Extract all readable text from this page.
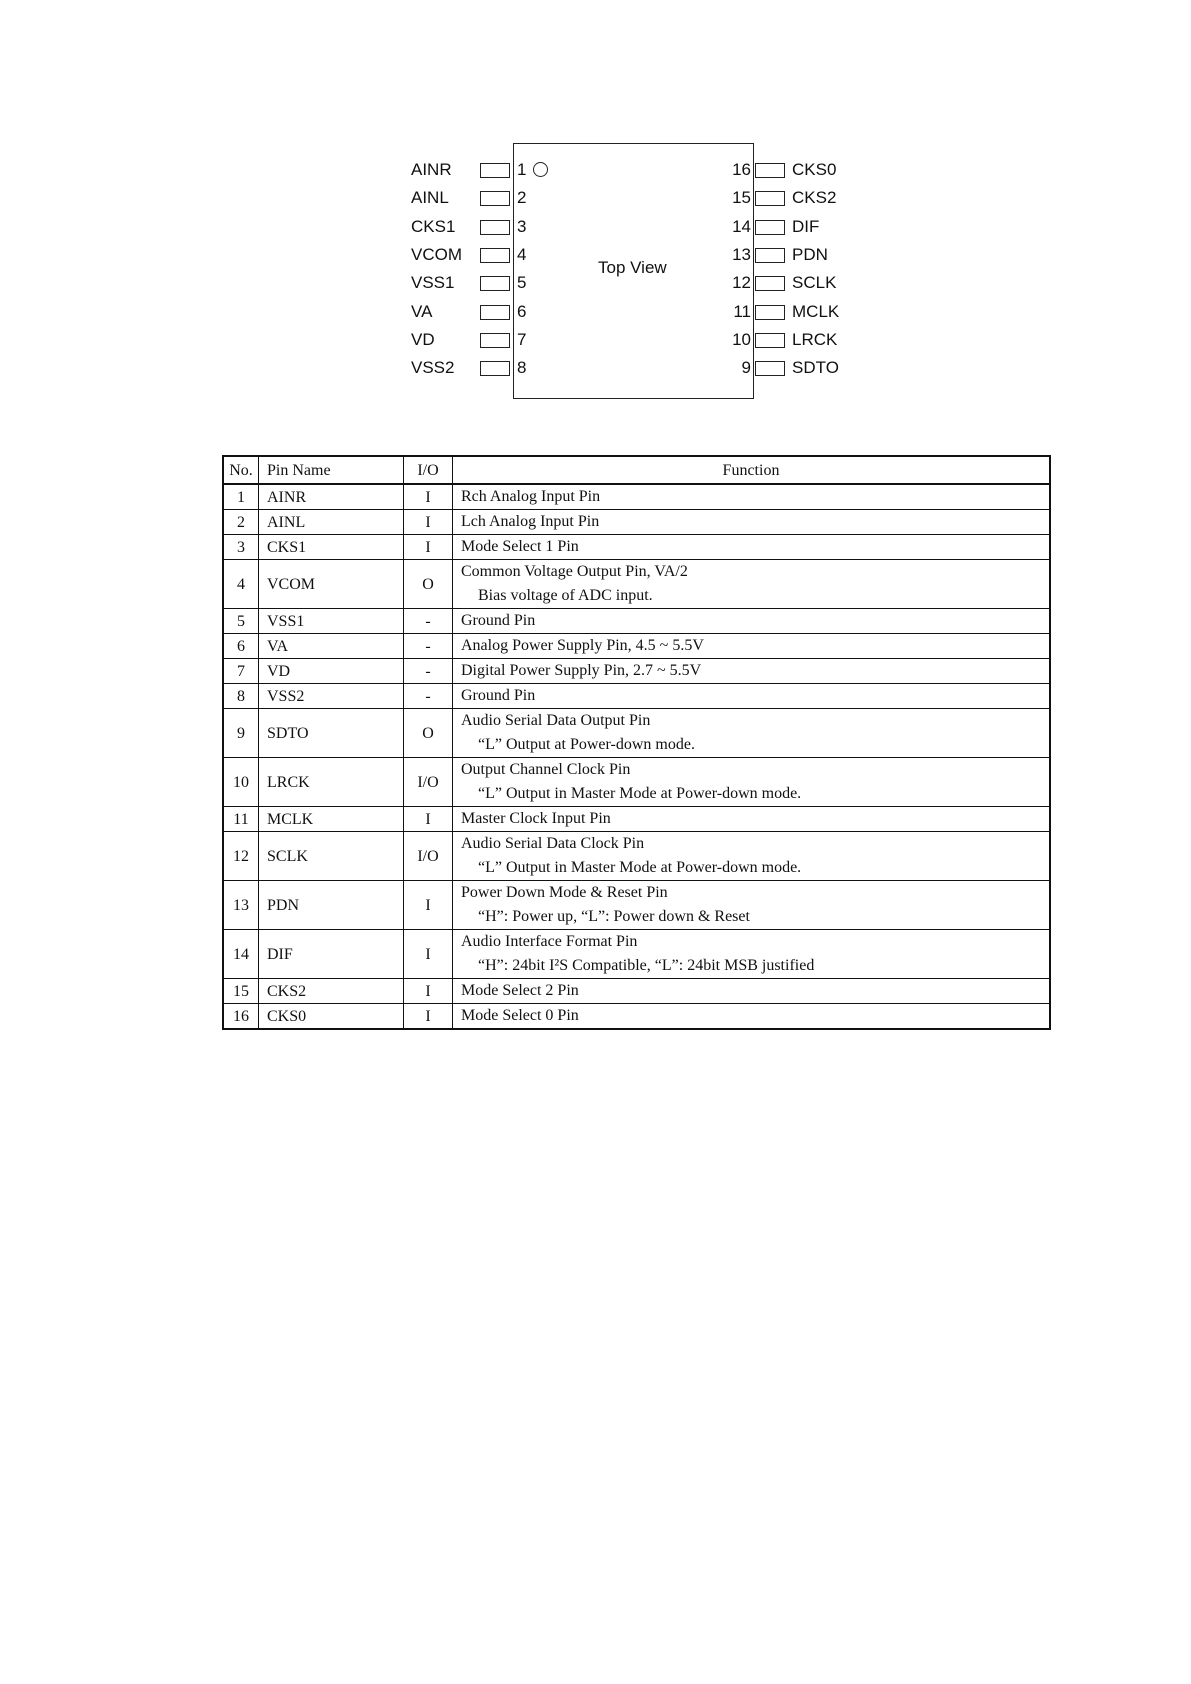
Top View
AINR	1
AINL	2
CKS1	3
VCOM	4
VSS1	5
VA	6
VD	7
VSS2	8
16 CKS0
15 CKS2
14 DIF
13 PDN
12 SCLK
11 MCLK
10 LRCK
9 SDTO
No.	Pin Name	I/O	Function
1	AINR	I	Rch Analog Input Pin

2	AINL	I	Lch Analog Input Pin

3	CKS1	I	Mode Select 1 Pin

4	VCOM	O	Common Voltage Output Pin, VA/2
Bias voltage of ADC input.

5	VSS1	-	Ground Pin

6	VA	-	Analog Power Supply Pin, 4.5 ~ 5.5V

7	VD	-	Digital Power Supply Pin, 2.7 ~ 5.5V

8	VSS2	-	Ground Pin

9	SDTO	O	Audio Serial Data Output Pin
“L” Output at Power-down mode.

10	LRCK	I/O	Output Channel Clock Pin
“L” Output in Master Mode at Power-down mode.

11	MCLK	I	Master Clock Input Pin

12	SCLK	I/O	Audio Serial Data Clock Pin
“L” Output in Master Mode at Power-down mode.

13	PDN	I	Power Down Mode & Reset Pin
“H”: Power up, “L”: Power down & Reset

14	DIF	I	Audio Interface Format Pin
“H”: 24bit I²S Compatible, “L”: 24bit MSB justified

15	CKS2	I	Mode Select 2 Pin

16	CKS0	I	Mode Select 0 Pin
